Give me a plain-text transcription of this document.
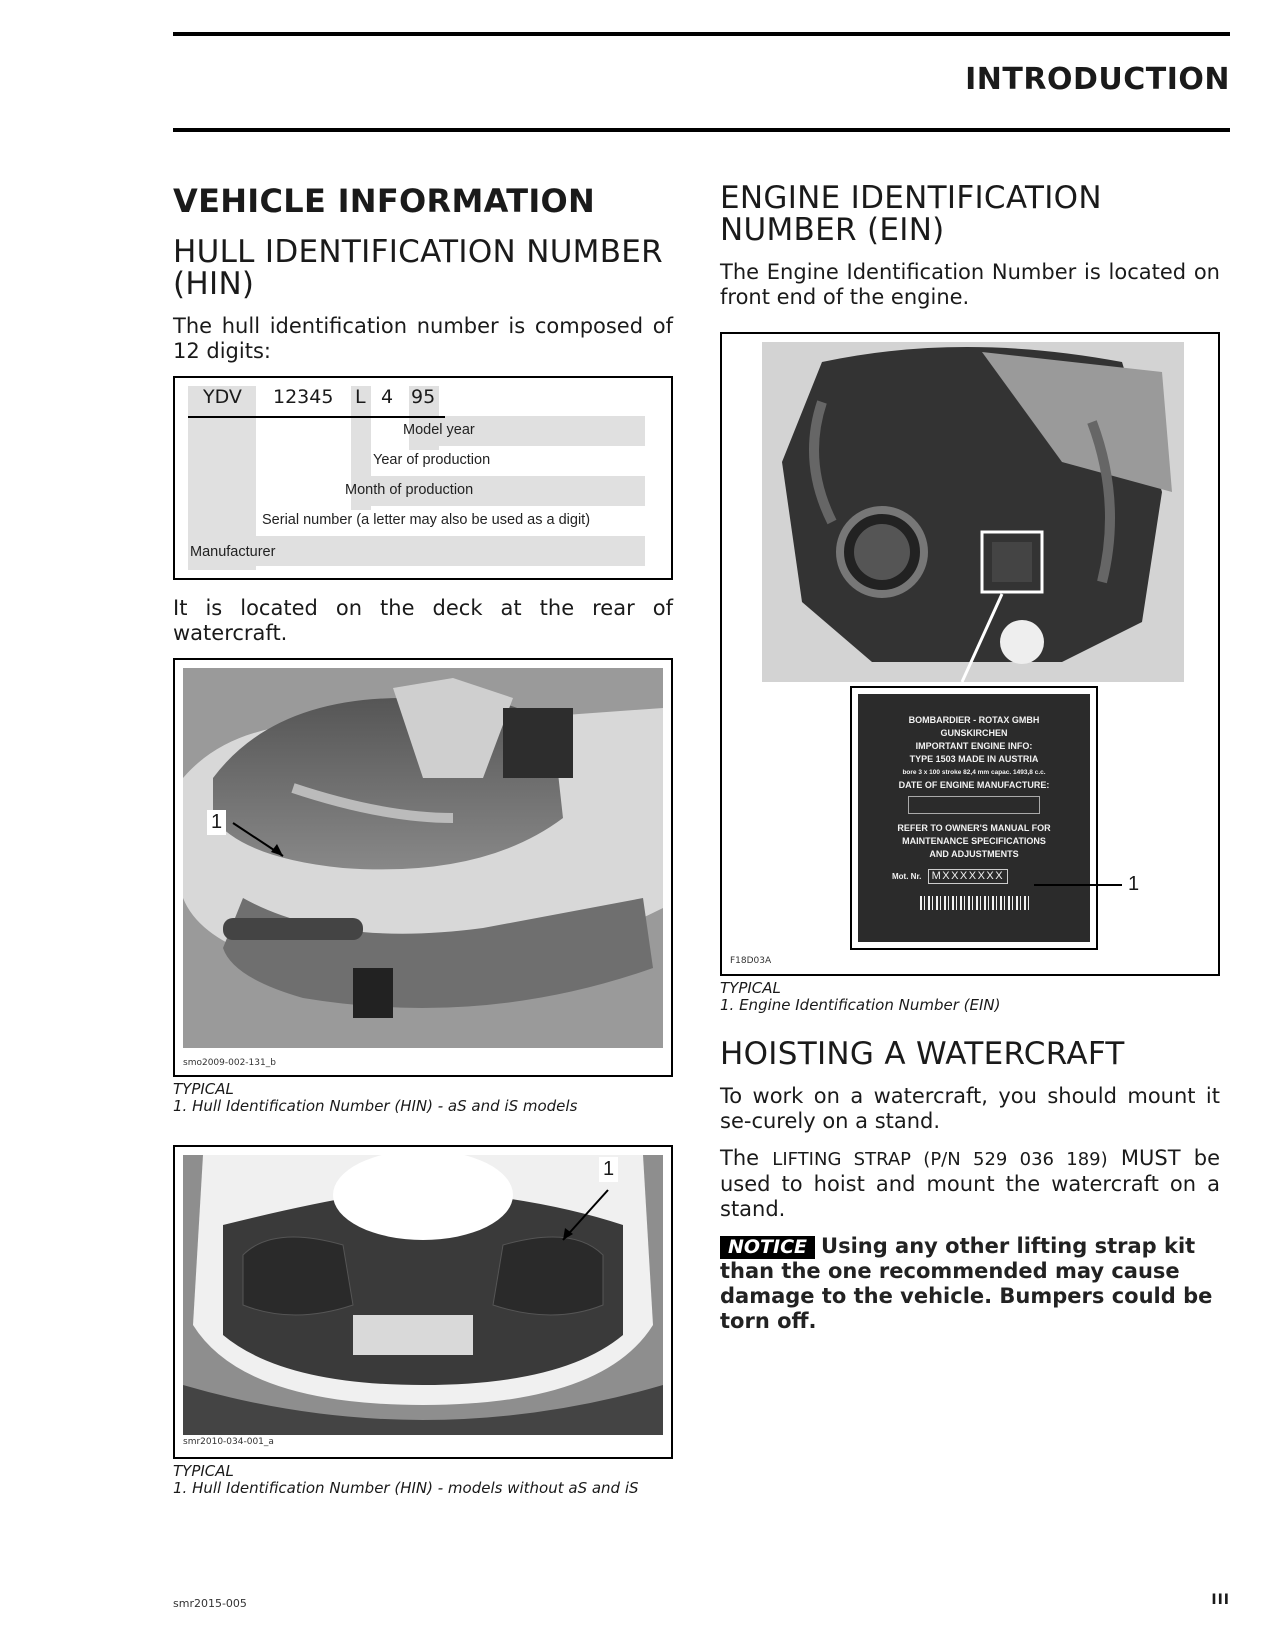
INTRODUCTION
VEHICLE INFORMATION
HULL IDENTIFICATION NUMBER (HIN)

The hull identification number is composed of 12 digits:

YDV 12345 L 4 95
Model year
Year of production
Month of production
Serial number (a letter may also be used as a digit)
Manufacturer

It is located on the deck at the rear of watercraft.

1
smo2009-002-131_b
TYPICAL
1. Hull Identification Number (HIN) - aS and iS models
1
smr2010-034-001_a
TYPICAL
1. Hull Identification Number (HIN) - models without aS and iS
ENGINE IDENTIFICATION NUMBER (EIN)

The Engine Identification Number is located on front end of the engine.

BOMBARDIER - ROTAX GMBH
GUNSKIRCHEN
IMPORTANT ENGINE INFO:
TYPE 1503 MADE IN AUSTRIA
bore 3 x 100 stroke 82,4 mm capac. 1493,8 c.c.
DATE OF ENGINE MANUFACTURE:
REFER TO OWNER'S MANUAL FOR
MAINTENANCE SPECIFICATIONS
AND ADJUSTMENTS
Mot. Nr. MXXXXXXX	1
F18D03A
TYPICAL
1. Engine Identification Number (EIN)
HOISTING A WATERCRAFT

To work on a watercraft, you should mount it se-curely on a stand.

The LIFTING STRAP (P/N 529 036 189) MUST be used to hoist and mount the watercraft on a stand.

NOTICE Using any other lifting strap kit than the one recommended may cause damage to the vehicle. Bumpers could be torn off.

smr2015-005	III
